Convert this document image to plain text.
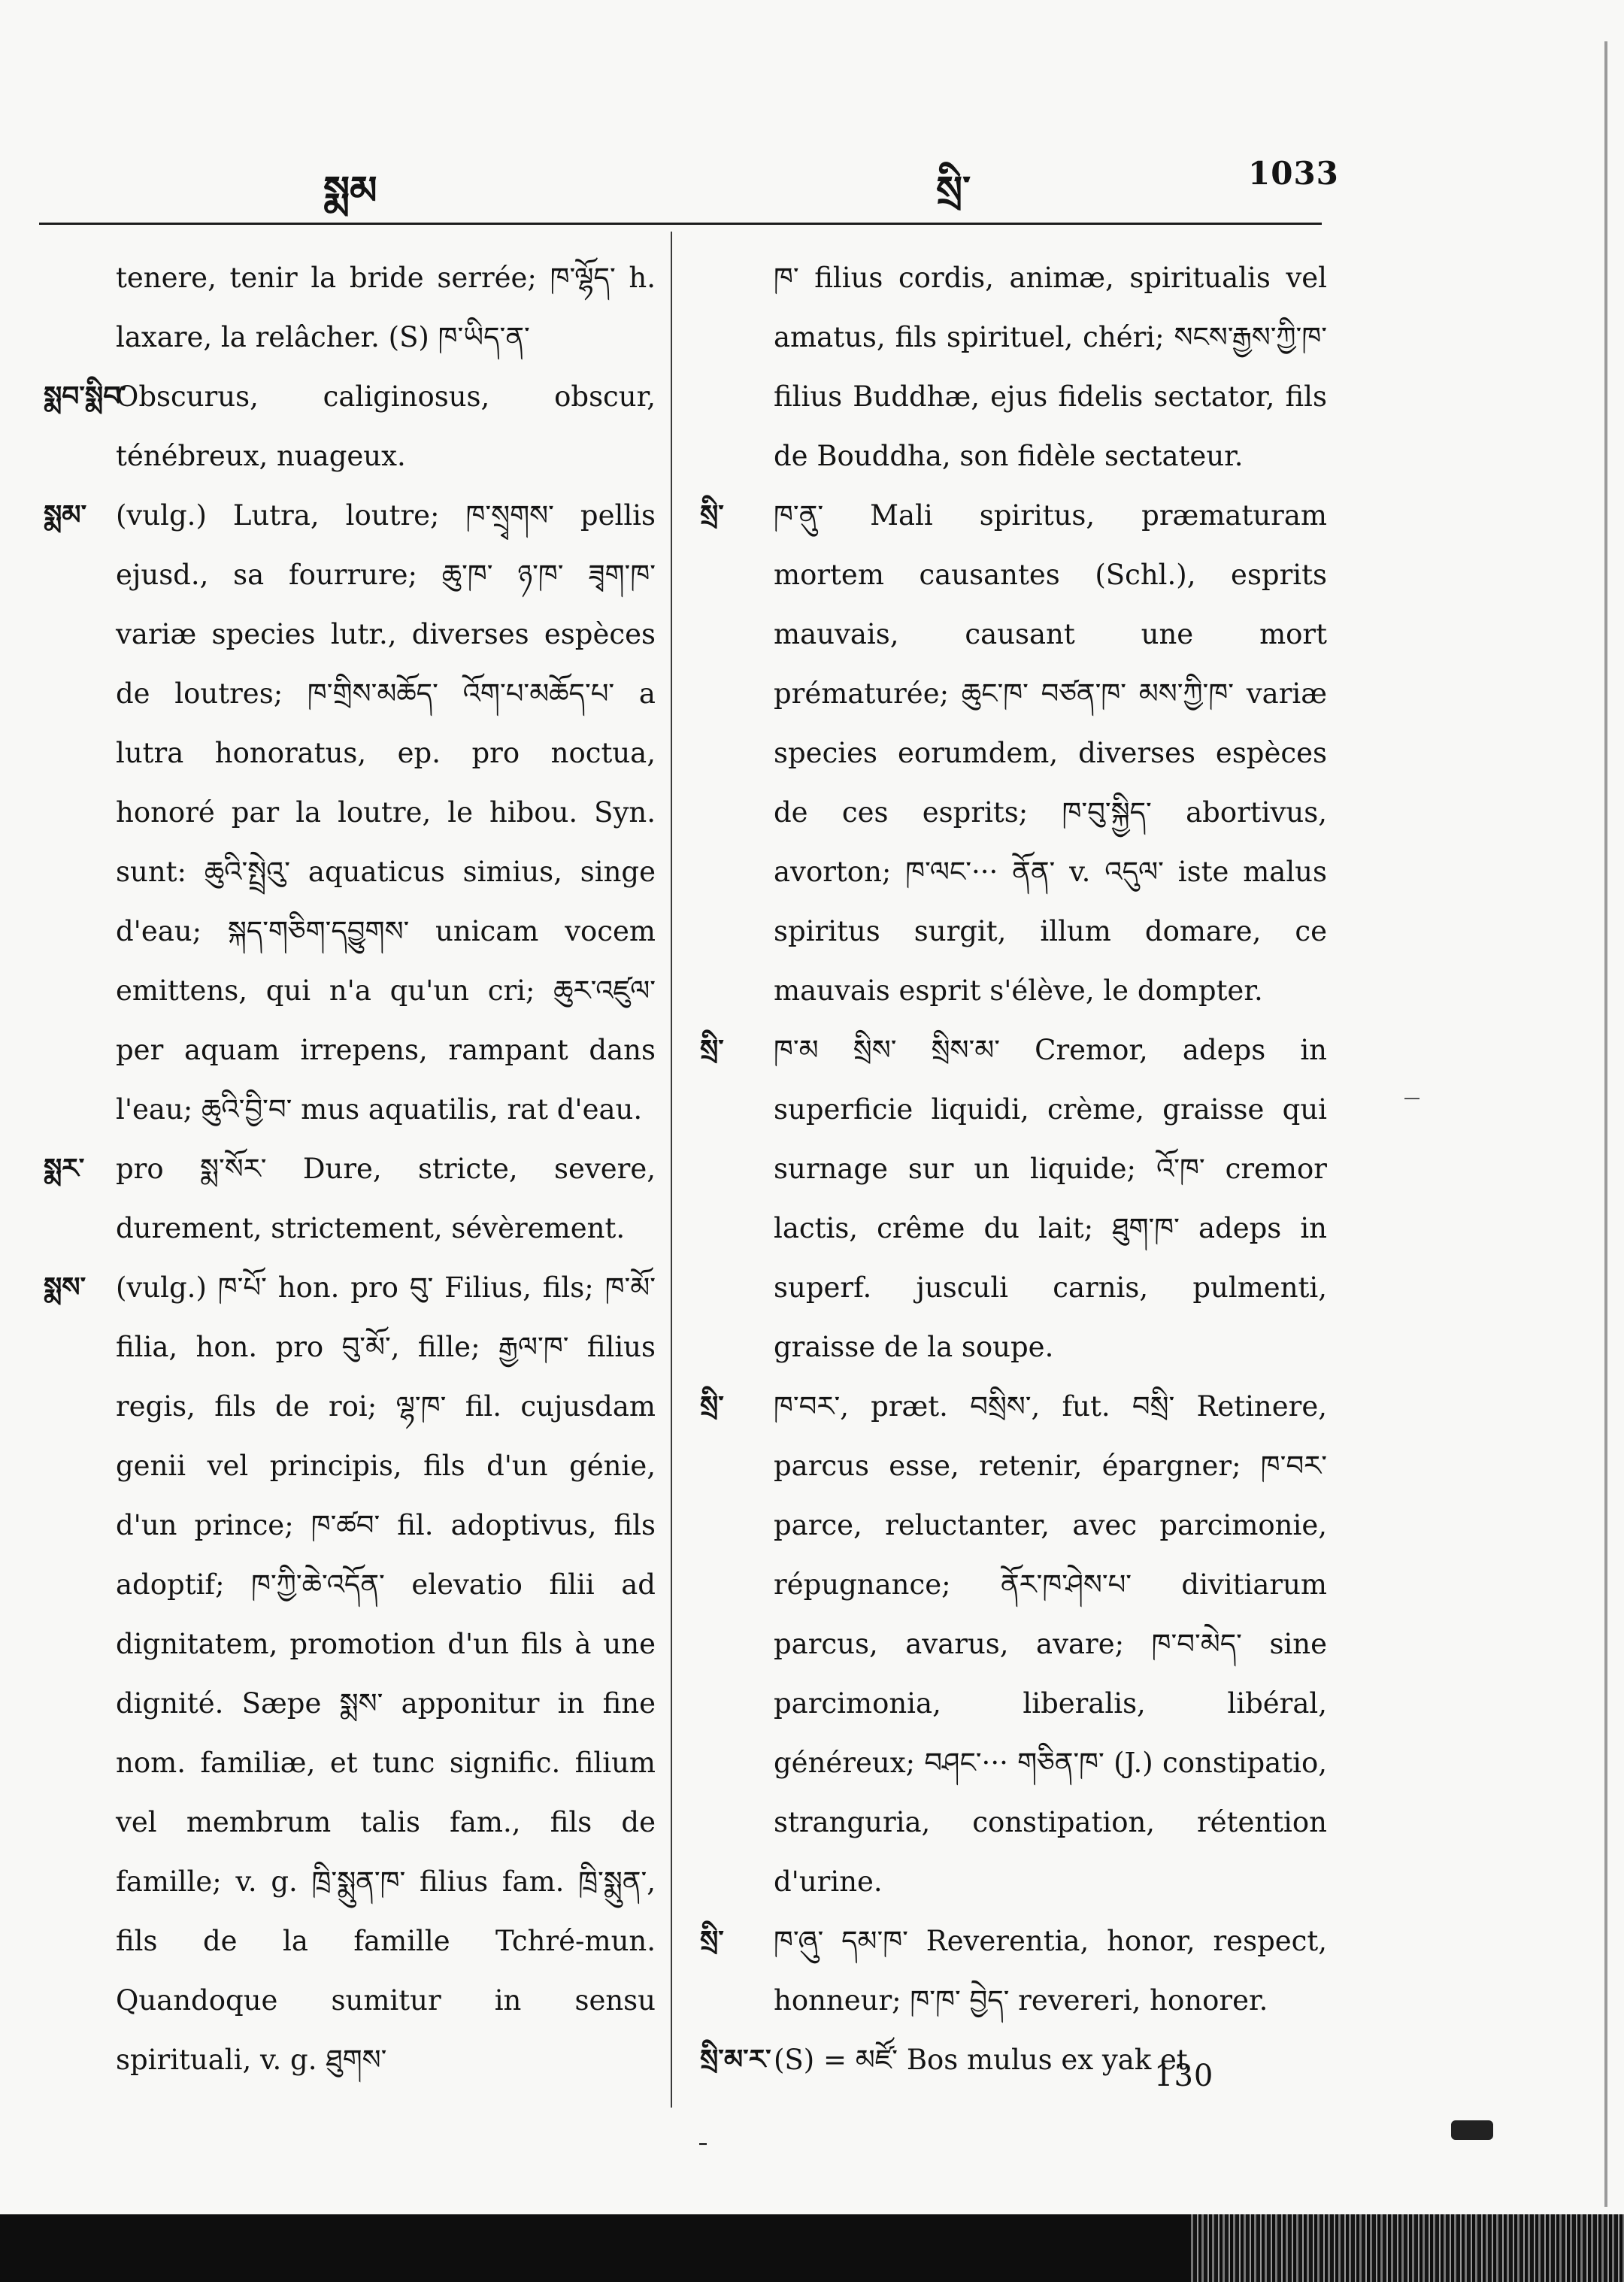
སྨམ	སྲི་	1033

tenere, tenir la bride serrée; ཁ་ལྷོད་ h. laxare, la relâcher. (S) ཁ་ཡིད་ན་

སྨབ་སྨིབ་
Obscurus, caliginosus, obscur, ténébreux, nuageux.

སྨམ་	(vulg.) Lutra, loutre; ཁ་སྲྭགས་ pellis ejusd., sa fourrure; ཆུ་ཁ་ ཉ་ཁ་ ཟྭག་ཁ་ variæ species lutr., diverses espèces de loutres; ཁ་གྲིས་མཆོད་ འོག་པ་མཆོད་པ་ a lutra honoratus, ep. pro noctua, honoré par la loutre, le hibou. Syn. sunt: ཆུའི་སྤྲེའུ་ aquaticus simius, singe d'eau; སྐད་གཅིག་དབྱུགས་ unicam vocem emittens, qui n'a qu'un cri; ཆུར་འཛུལ་ per aquam irrepens, rampant dans l'eau; ཆུའི་བྱི་བ་ mus aquatilis, rat d'eau.

སྨར་	pro སྨ་སོར་ Dure, stricte, severe, durement, strictement, sévèrement.

སྨས་	(vulg.) ཁ་པོ་ hon. pro བུ་ Filius, fils; ཁ་མོ་ filia, hon. pro བུ་མོ་, fille; རྒྱལ་ཁ་ filius regis, fils de roi; ལྷ་ཁ་ fil. cujusdam genii vel principis, fils d'un génie, d'un prince; ཁ་ཚབ་ fil. adoptivus, fils adoptif; ཁ་ཀྱི་ཆེ་འདོན་ elevatio filii ad dignitatem, promotion d'un fils à une dignité. Sæpe སྨས་ apponitur in fine nom. familiæ, et tunc signific. filium vel membrum talis fam., fils de famille; v. g. ཁྲི་སྨུན་ཁ་ filius fam. ཁྲི་སྨུན་, fils de la famille Tchré-mun. Quandoque sumitur in sensu spirituali, v. g. ཐུགས་

ཁ་ filius cordis, animæ, spiritualis vel amatus, fils spirituel, chéri; སངས་རྒྱས་ཀྱི་ཁ་ filius Buddhæ, ejus fidelis sectator, fils de Bouddha, son fidèle sectateur.

སྲི་	ཁ་ནུ་ Mali spiritus, præmaturam mortem causantes (Schl.), esprits mauvais, causant une mort prématurée; ཆུང་ཁ་ བཙན་ཁ་ མས་ཀྱི་ཁ་ variæ species eorumdem, diverses espèces de ces esprits; ཁ་བུ་སྐྱིད་ abortivus, avorton; ཁ་ལང་··· ནོན་ v. འདུལ་ iste malus spiritus surgit, illum domare, ce mauvais esprit s'élève, le dompter.

སྲི་	ཁ་མ སྲིས་ སྲིས་མ་ Cremor, adeps in superficie liquidi, crème, graisse qui surnage sur un liquide; འོ་ཁ་ cremor lactis, crême du lait; ཐུག་ཁ་ adeps in superf. jusculi carnis, pulmenti, graisse de la soupe.

སྲི་	ཁ་བར་, præt. བསྲིས་, fut. བསྲི་ Retinere, parcus esse, retenir, épargner; ཁ་བར་ parce, reluctanter, avec parcimonie, répugnance; ནོར་ཁ་ཤེས་པ་ divitiarum parcus, avarus, avare; ཁ་བ་མེད་ sine parcimonia, liberalis, libéral, généreux; བཤང་··· གཅིན་ཁ་ (J.) constipatio, stranguria, constipation, rétention d'urine.

སྲི་	ཁ་ཞུ་ དམ་ཁ་ Reverentia, honor, respect, honneur; ཁ་ཁ་ བྱེད་ revereri, honorer.

སྲི་མ་ར་ (S) = མཛོ་ Bos mulus ex yak et

130
